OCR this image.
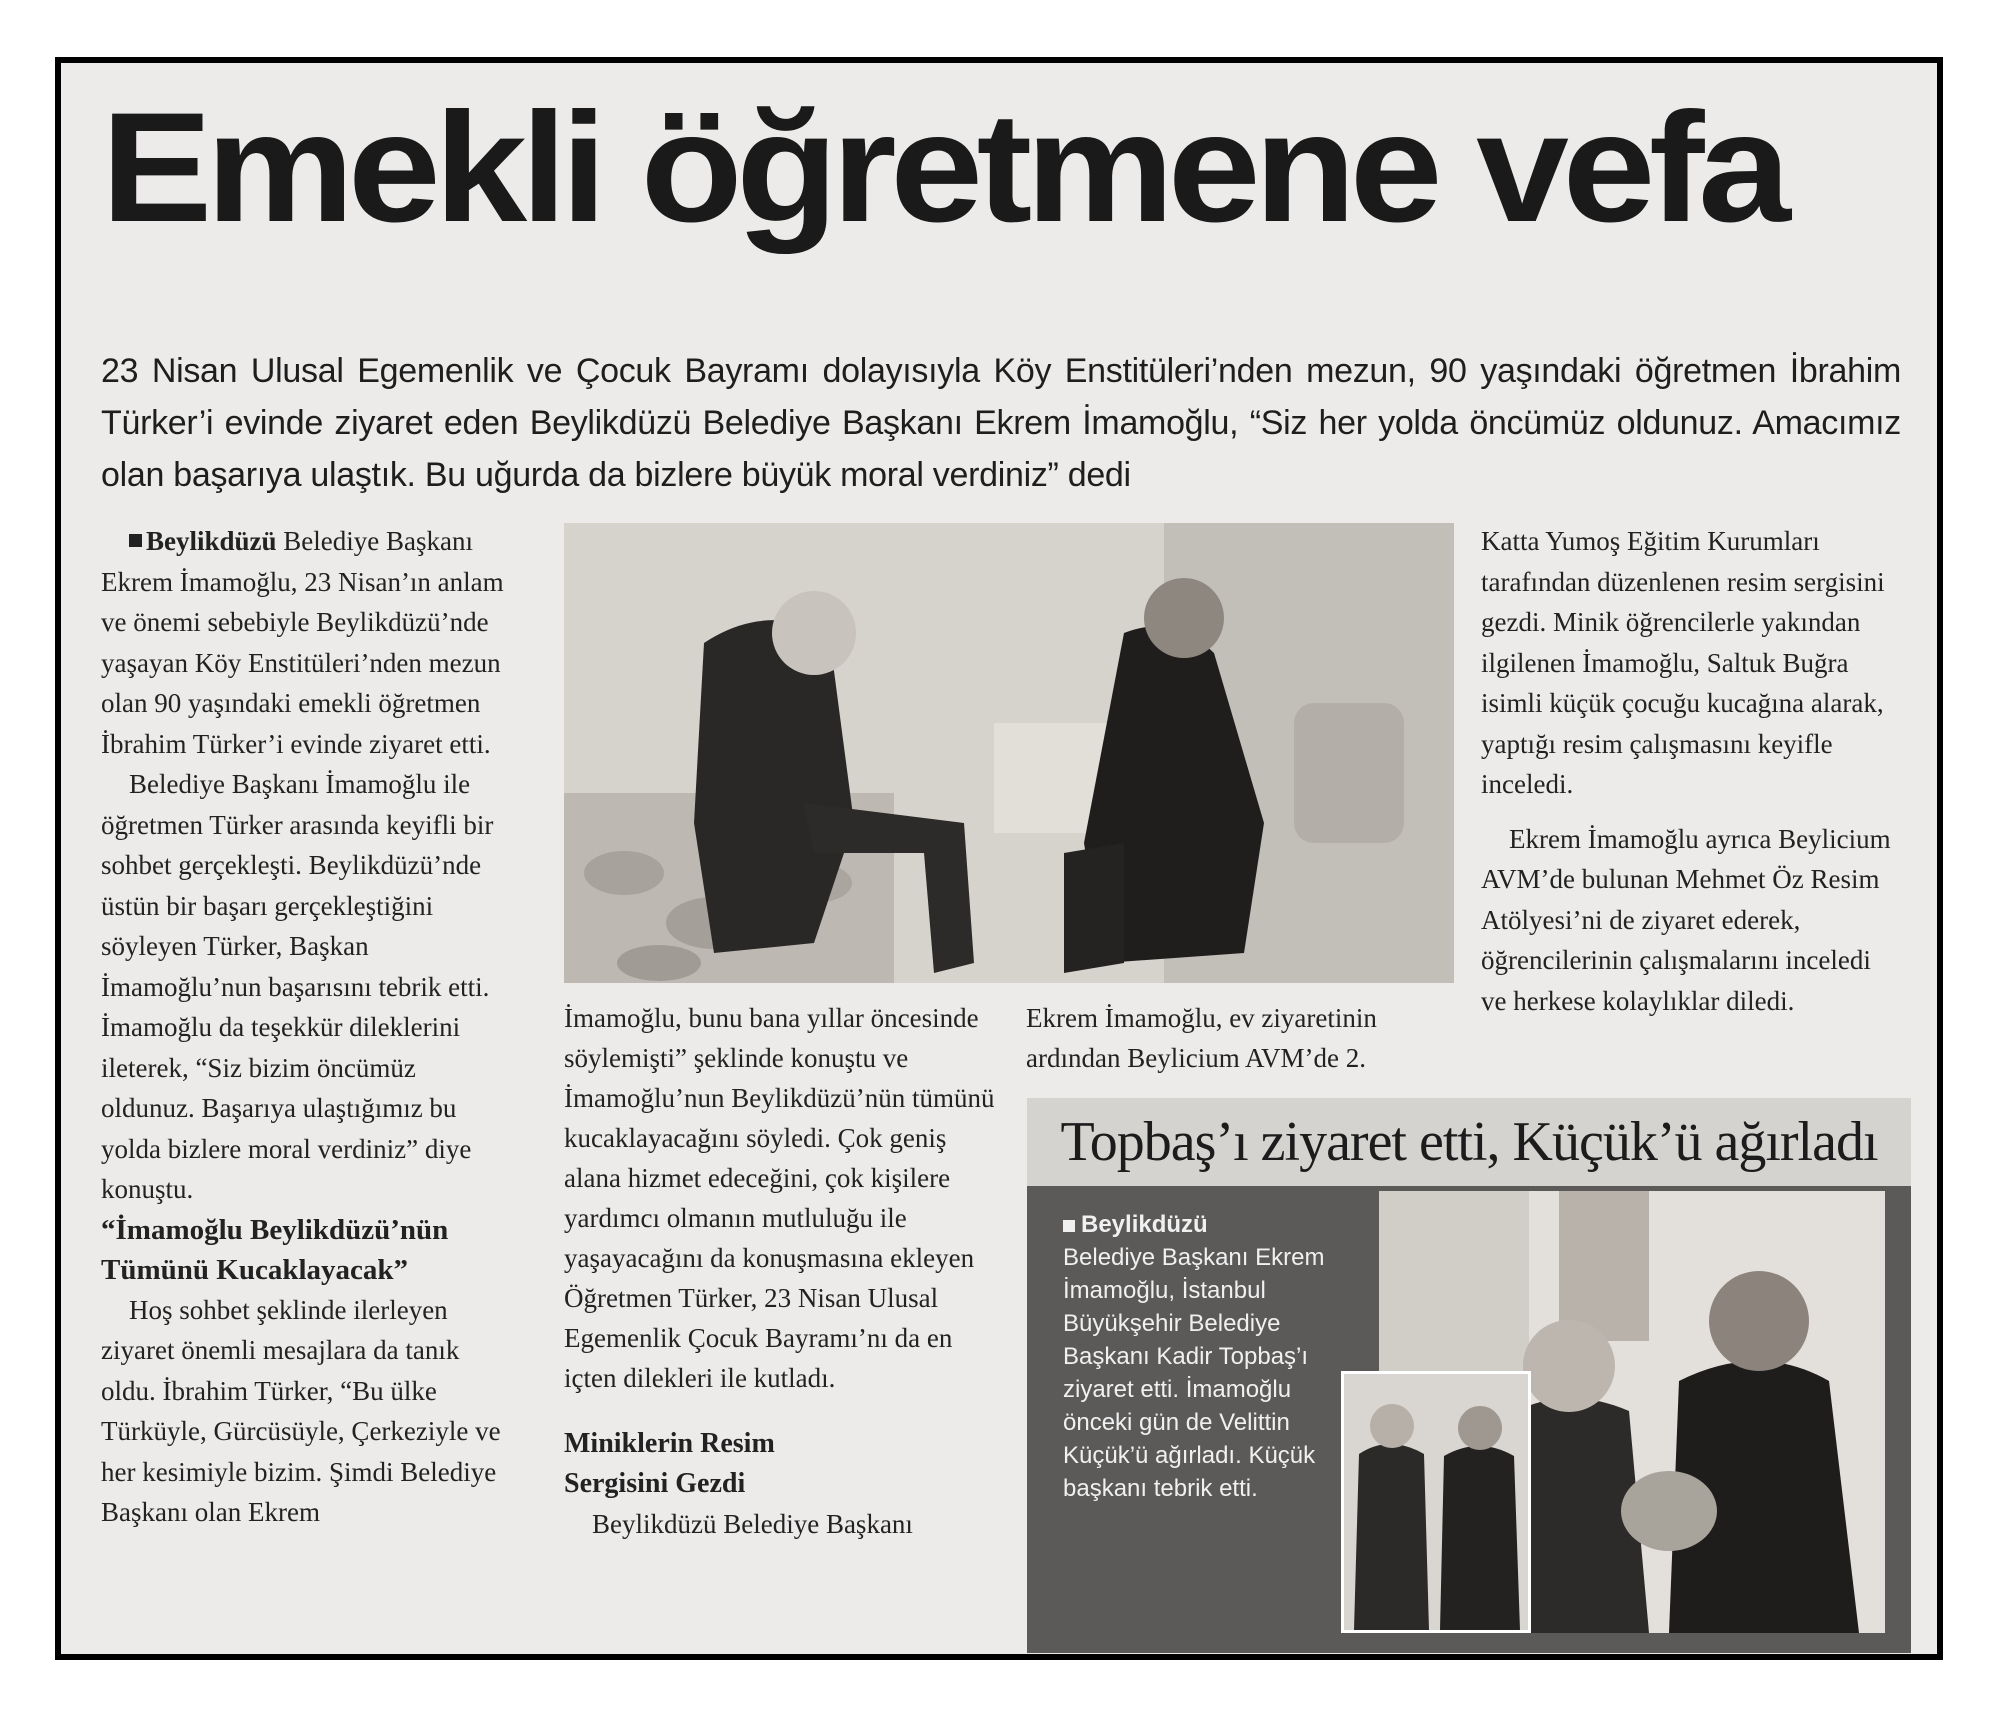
Emekli öğretmene vefa

23 Nisan Ulusal Egemenlik ve Çocuk Bayramı dolayısıyla Köy Enstitüleri’nden mezun, 90 yaşındaki öğretmen İbrahim Türker’i evinde ziyaret eden Beylikdüzü Belediye Başkanı Ekrem İmamoğlu, “Siz her yolda öncümüz oldunuz. Amacımız olan başarıya ulaştık. Bu uğurda da bizlere büyük moral verdiniz” dedi

Beylikdüzü Belediye Başkanı Ekrem İmamoğlu, 23 Nisan’ın anlam ve önemi sebebiyle Beylikdüzü’nde yaşayan Köy Enstitüleri’nden mezun olan 90 yaşındaki emekli öğretmen İbrahim Türker’i evinde ziyaret etti.

Belediye Başkanı İmamoğlu ile öğretmen Türker arasında keyifli bir sohbet gerçekleşti. Beylikdüzü’nde üstün bir başarı gerçekleştiğini söyleyen Türker, Başkan İmamoğlu’nun başarısını tebrik etti. İmamoğlu da teşekkür dileklerini ileterek, “Siz bizim öncümüz oldunuz. Başarıya ulaştığımız bu yolda bizlere moral verdiniz” diye konuştu.

“İmamoğlu Beylikdüzü’nün Tümünü Kucaklayacak”

Hoş sohbet şeklinde ilerleyen ziyaret önemli mesajlara da tanık oldu. İbrahim Türker, “Bu ülke Türküyle, Gürcüsüyle, Çerkeziyle ve her kesimiyle bizim. Şimdi Belediye Başkanı olan Ekrem

İmamoğlu, bunu bana yıllar öncesinde söylemişti” şeklinde konuştu ve İmamoğlu’nun Beylikdüzü’nün tümünü kucaklayacağını söyledi. Çok geniş alana hizmet edeceğini, çok kişilere yardımcı olmanın mutluluğu ile yaşayacağını da konuşmasına ekleyen Öğretmen Türker, 23 Nisan Ulusal Egemenlik Çocuk Bayramı’nı da en içten dilekleri ile kutladı.

Miniklerin Resim Sergisini Gezdi

Beylikdüzü Belediye Başkanı

Ekrem İmamoğlu, ev ziyaretinin ardından Beylicium AVM’de 2.

Katta Yumoş Eğitim Kurumları tarafından düzenlenen resim sergisini gezdi. Minik öğrencilerle yakından ilgilenen İmamoğlu, Saltuk Buğra isimli küçük çocuğu kucağına alarak, yaptığı resim çalışmasını keyifle inceledi.

Ekrem İmamoğlu ayrıca Beylicium AVM’de bulunan Mehmet Öz Resim Atölyesi’ni de ziyaret ederek, öğrencilerinin çalışmalarını inceledi ve herkese kolaylıklar diledi.

Topbaş’ı ziyaret etti, Küçük’ü ağırladı

Beylikdüzü

Belediye Başkanı Ekrem İmamoğlu, İstanbul Büyükşehir Belediye Başkanı Kadir Topbaş’ı ziyaret etti. İmamoğlu önceki gün de Velittin Küçük’ü ağırladı. Küçük başkanı tebrik etti.
